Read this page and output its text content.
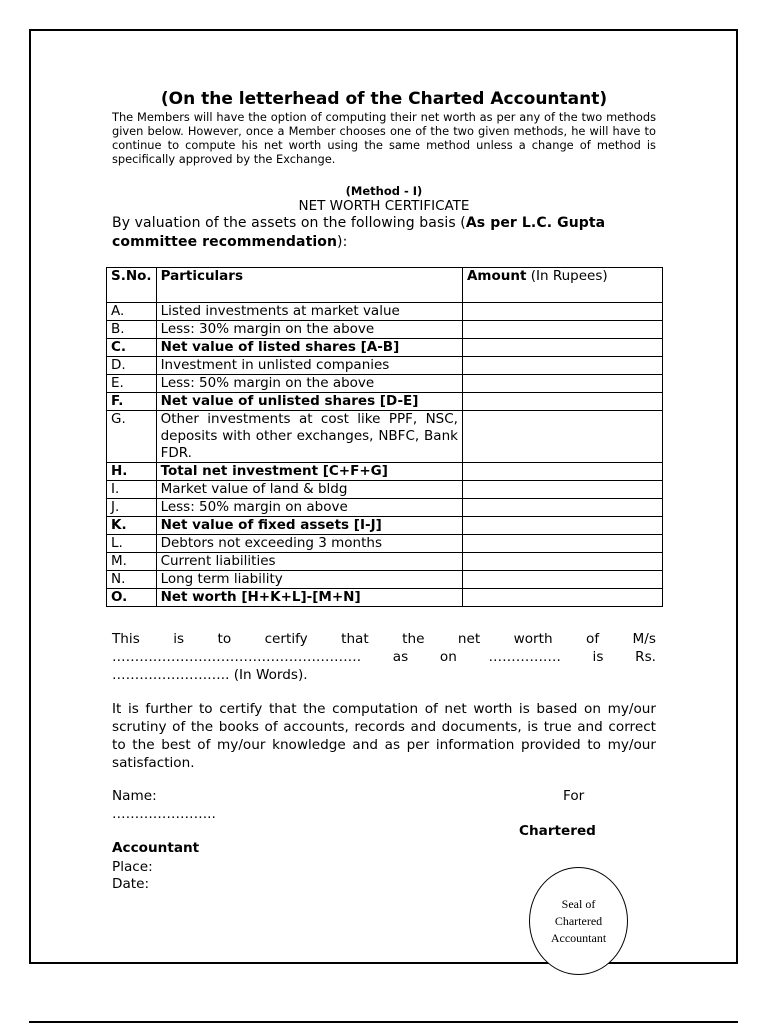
(On the letterhead of the Charted Accountant)
The Members will have the option of computing their net worth as per any of the two methods given below. However, once a Member chooses one of the two given methods, he will have to continue to compute his net worth using the same method unless a change of method is specifically approved by the Exchange.
(Method - I)
NET WORTH CERTIFICATE
By valuation of the assets on the following basis (As per L.C. Gupta committee recommendation):
S.No.	Particulars	Amount (In Rupees)
A.	Listed investments at market value	
B.	Less: 30% margin on the above	
C.	Net value of listed shares [A-B]	
D.	Investment in unlisted companies	
E.	Less: 50% margin on the above	
F.	Net value of unlisted shares [D-E]	
G.	Other investments at cost like PPF, NSC, deposits with other exchanges, NBFC, Bank FDR.	
H.	Total net investment [C+F+G]	
I.	Market value of land & bldg	
J.	Less: 50% margin on above	
K.	Net value of fixed assets [I-J]	
L.	Debtors not exceeding 3 months	
M.	Current liabilities	
N.	Long term liability	
O.	Net worth [H+K+L]-[M+N]	
This is to certify that the net worth of M/s
………………………………………………. as on ……………. is Rs.
…………………….. (In Words).
It is further to certify that the computation of net worth is based on my/our scrutiny of the books of accounts, records and documents, is true and correct to the best of my/our knowledge and as per information provided to my/our satisfaction.
Name:
…………………..
For
Chartered
Accountant
Place:
Date:
Seal of
Chartered
Accountant
